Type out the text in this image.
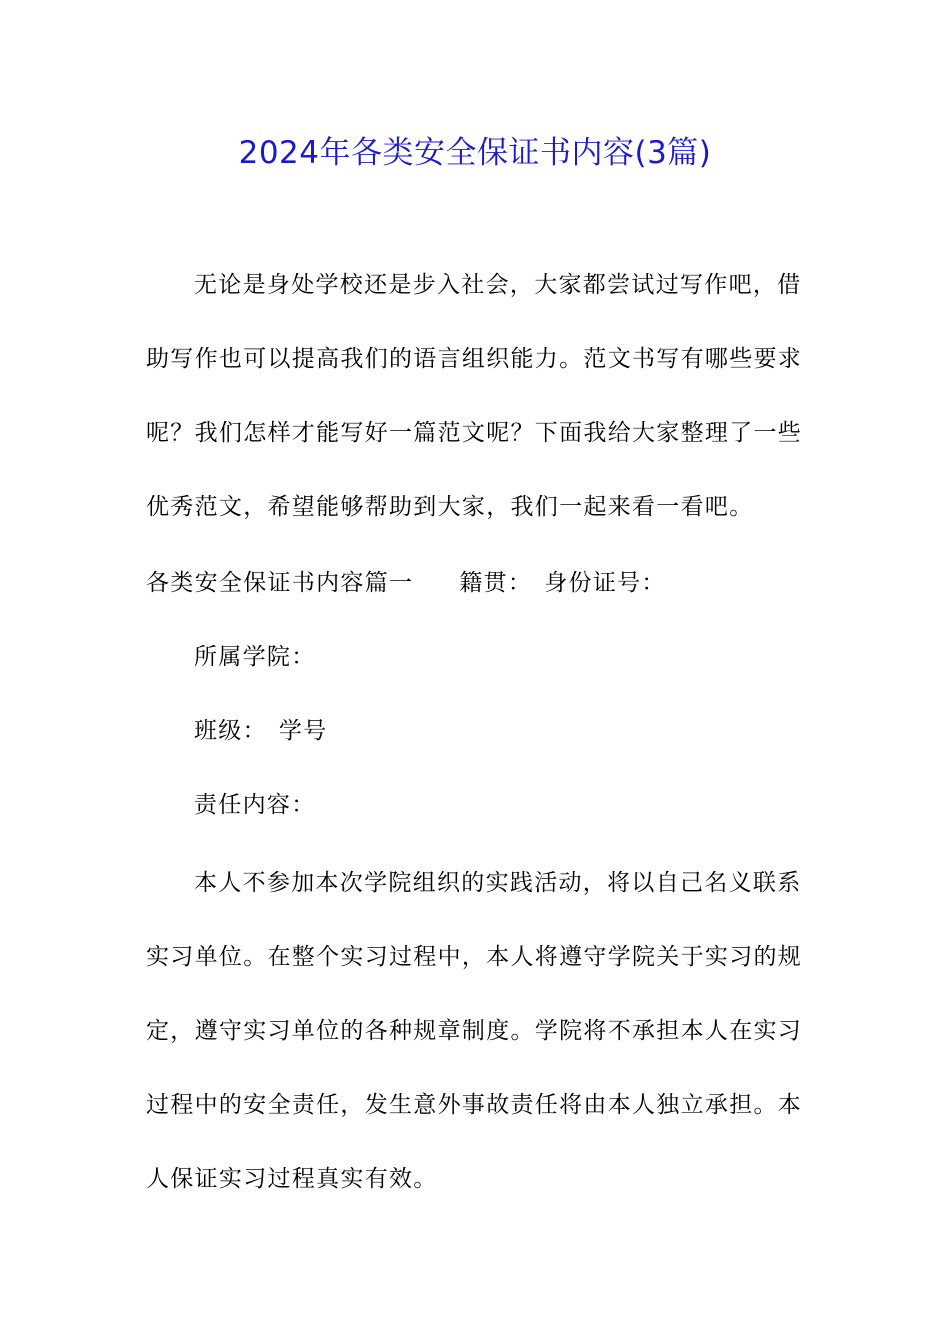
2024年各类安全保证书内容(3篇)
无论是身处学校还是步入社会，大家都尝试过写作吧，借
助写作也可以提高我们的语言组织能力。范文书写有哪些要求
呢？我们怎样才能写好一篇范文呢？下面我给大家整理了一些
优秀范文，希望能够帮助到大家，我们一起来看一看吧。
各类安全保证书内容篇一 籍贯： 身份证号：
所属学院：
班级： 学号
责任内容：
本人不参加本次学院组织的实践活动，将以自己名义联系
实习单位。在整个实习过程中，本人将遵守学院关于实习的规
定，遵守实习单位的各种规章制度。学院将不承担本人在实习
过程中的安全责任，发生意外事故责任将由本人独立承担。本
人保证实习过程真实有效。
